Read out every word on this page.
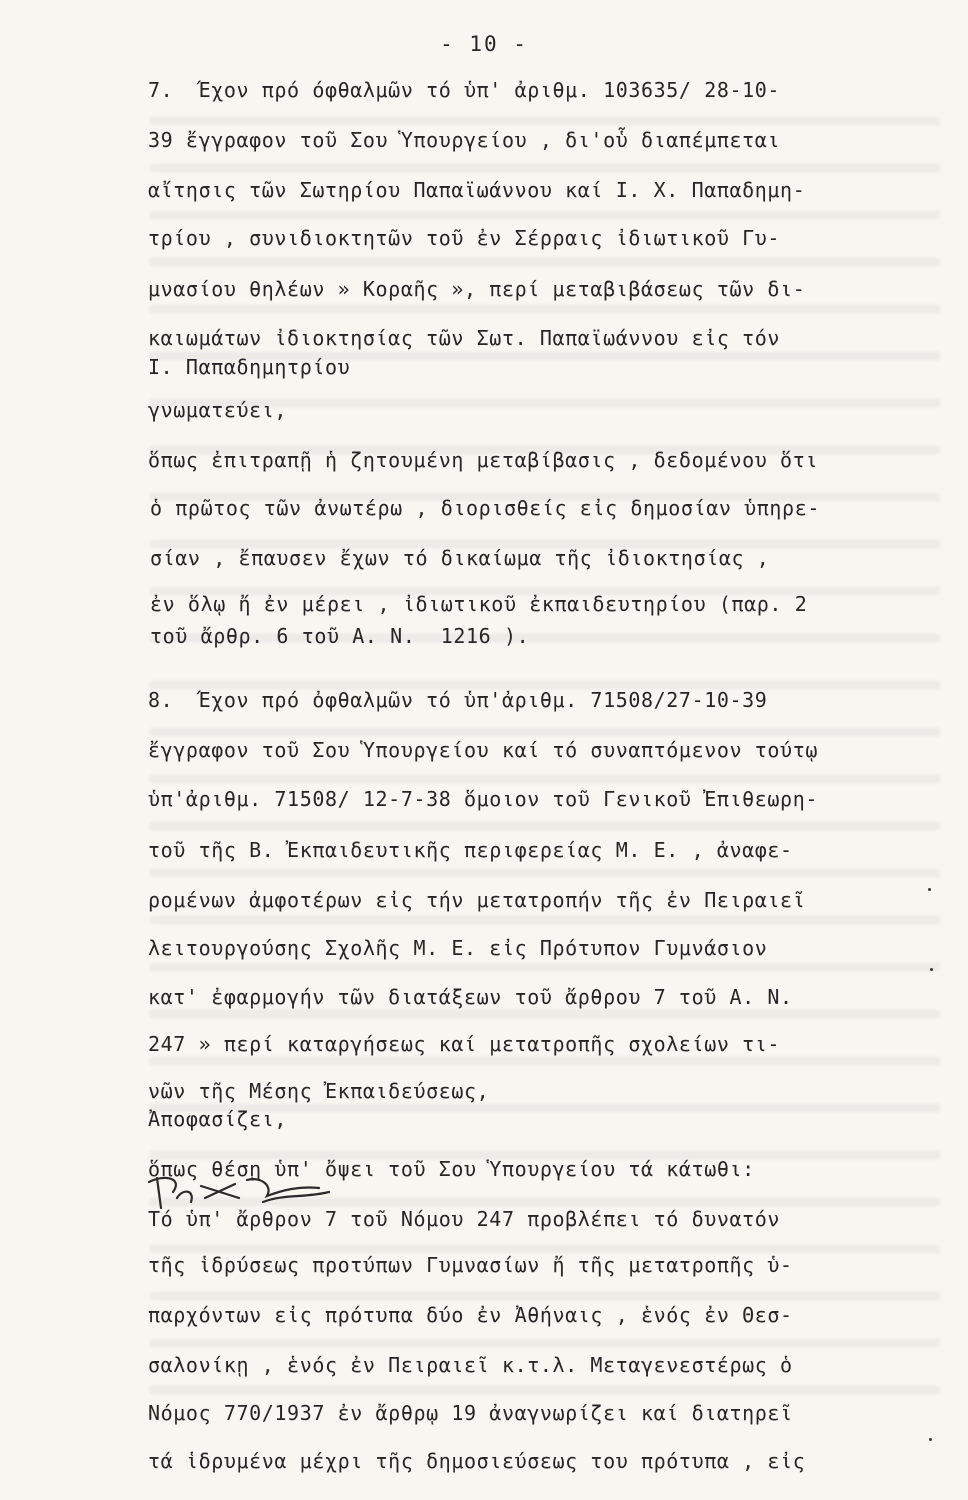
- 10 -
7.  Έχον πρό όφθαλμῶν τό ὑπ' ἀριθμ. 103635/ 28-10-
39 ἔγγραφον τοῦ Σου Ὑπουργείου , δι'οὗ διαπέμπεται
αἴτησις τῶν Σωτηρίου Παπαϊωάννου καί Ι. Χ. Παπαδημη-
τρίου , συνιδιοκτητῶν τοῦ ἐν Σέρραις ἰδιωτικοῦ Γυ-
μνασίου θηλέων » Κοραῆς », περί μεταβιβάσεως τῶν δι-
καιωμάτων ἰδιοκτησίας τῶν Σωτ. Παπαϊωάννου εἰς τόν
Ι. Παπαδημητρίου
γνωματεύει,
ὅπως ἐπιτραπῇ ἡ ζητουμένη μεταβίβασις , δεδομένου ὅτι
ὁ πρῶτος τῶν ἀνωτέρω , διορισθείς εἰς δημοσίαν ὑπηρε-
σίαν , ἔπαυσεν ἔχων τό δικαίωμα τῆς ἰδιοκτησίας ,
ἐν ὅλῳ ἤ ἐν μέρει , ἰδιωτικοῦ ἐκπαιδευτηρίου (παρ. 2
τοῦ ἄρθρ. 6 τοῦ Α. Ν.  1216 ).
8.  Έχον πρό ὀφθαλμῶν τό ὑπ'ἀριθμ. 71508/27-10-39
ἔγγραφον τοῦ Σου Ὑπουργείου καί τό συναπτόμενον τούτῳ
ὑπ'ἀριθμ. 71508/ 12-7-38 ὅμοιον τοῦ Γενικοῦ Ἐπιθεωρη-
τοῦ τῆς Β. Ἐκπαιδευτικῆς περιφερείας Μ. Ε. , ἀναφε-
ρομένων ἀμφοτέρων εἰς τήν μετατροπήν τῆς ἐν Πειραιεῖ
λειτουργούσης Σχολῆς Μ. Ε. εἰς Πρότυπον Γυμνάσιον
κατ' ἐφαρμογήν τῶν διατάξεων τοῦ ἄρθρου 7 τοῦ Α. Ν.
247 » περί καταργήσεως καί μετατροπῆς σχολείων τι-
νῶν τῆς Μέσης Ἐκπαιδεύσεως,
Ἀποφασίζει,
ὅπως θέσῃ ὑπ' ὄψει τοῦ Σου Ὑπουργείου τά κάτωθι:
Τό ὑπ' ἄρθρον 7 τοῦ Νόμου 247 προβλέπει τό δυνατόν
τῆς ἱδρύσεως προτύπων Γυμνασίων ἤ τῆς μετατροπῆς ὑ-
παρχόντων εἰς πρότυπα δύο ἐν Ἀθήναις , ἑνός ἐν Θεσ-
σαλονίκῃ , ἑνός ἐν Πειραιεῖ κ.τ.λ. Μεταγενεστέρως ὁ
Νόμος 770/1937 ἐν ἄρθρῳ 19 ἀναγνωρίζει καί διατηρεῖ
τά ἱδρυμένα μέχρι τῆς δημοσιεύσεως του πρότυπα , εἰς
